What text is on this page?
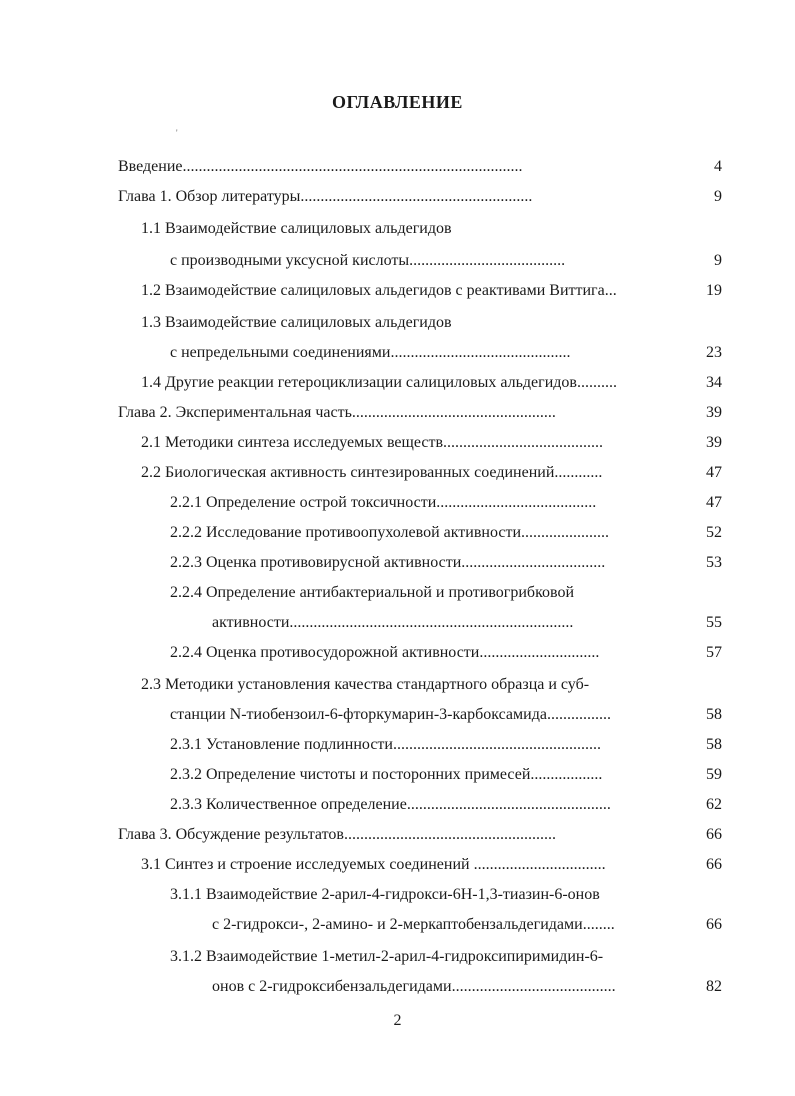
ОГЛАВЛЕНИЕ
'
Введение.....................................................................................	4
Глава 1. Обзор литературы..........................................................	9
1.1 Взаимодействие салициловых альдегидов
с производными уксусной кислоты.......................................	9
1.2 Взаимодействие салициловых альдегидов с реактивами Виттига...	19
1.3 Взаимодействие салициловых альдегидов
с непредельными соединениями.............................................	23
1.4 Другие реакции гетероциклизации салициловых альдегидов..........	34
Глава 2. Экспериментальная часть...................................................	39
2.1 Методики синтеза исследуемых веществ........................................	39
2.2 Биологическая активность синтезированных соединений............	47
2.2.1 Определение острой токсичности........................................	47
2.2.2 Исследование противоопухолевой активности......................	52
2.2.3 Оценка противовирусной активности....................................	53
2.2.4 Определение антибактериальной и противогрибковой
активности.......................................................................	55
2.2.4 Оценка противосудорожной активности..............................	57
2.3 Методики установления качества стандартного образца и суб-
станции N-тиобензоил-6-фторкумарин-3-карбоксамида................	58
2.3.1 Установление подлинности....................................................	58
2.3.2 Определение чистоты и посторонних примесей..................	59
2.3.3 Количественное определение...................................................	62
Глава 3. Обсуждение результатов.....................................................	66
3.1 Синтез и строение исследуемых соединений .................................	66
3.1.1 Взаимодействие 2-арил-4-гидрокси-6H-1,3-тиазин-6-онов
с 2-гидрокси-, 2-амино- и 2-меркаптобензальдегидами........	66
3.1.2 Взаимодействие 1-метил-2-арил-4-гидроксипиримидин-6-
онов с 2-гидроксибензальдегидами.........................................	82
2
